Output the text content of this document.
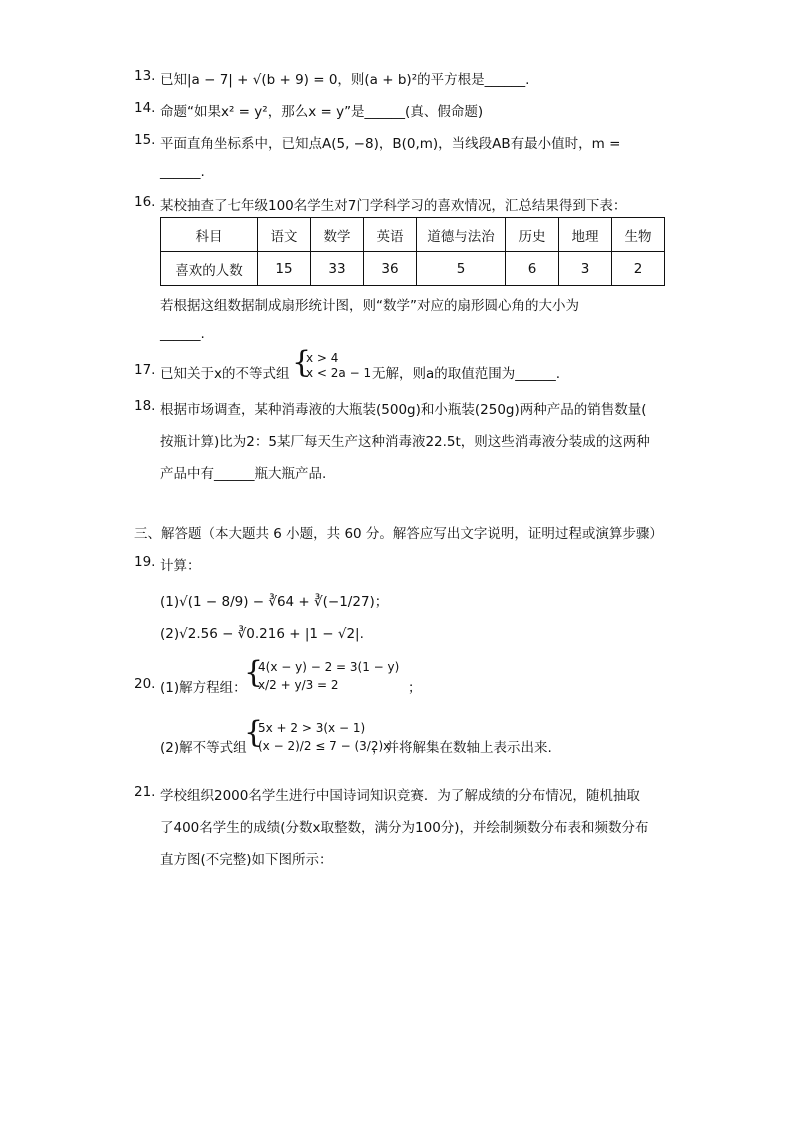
13. 已知|a − 7| + √(b + 9) = 0，则(a + b)²的平方根是______.
14. 命题“如果x² = y²，那么x = y”是______(真、假命题)
15. 平面直角坐标系中，已知点A(5, −8)，B(0,m)，当线段AB有最小值时，m =
______.
16. 某校抽查了七年级100名学生对7门学科学习的喜欢情况，汇总结果得到下表：
科目	语文	数学	英语	道德与法治	历史	地理	生物
喜欢的人数	15	33	36	5	6	3	2
若根据这组数据制成扇形统计图，则“数学”对应的扇形圆心角的大小为
______.
17. 已知关于x的不等式组 {
x > 4
x < 2a − 1 无解，则a的取值范围为______.
18. 根据市场调查，某种消毒液的大瓶装(500g)和小瓶装(250g)两种产品的销售数量(
按瓶计算)比为2：5某厂每天生产这种消毒液22.5t，则这些消毒液分装成的这两种
产品中有______瓶大瓶产品.
三、解答题（本大题共 6 小题，共 60 分。解答应写出文字说明，证明过程或演算步骤）
19. 计算：
(1)√(1 − 8/9) − ∛64 + ∛(−1/27)；
(2)√2.56 − ∛0.216 + |1 − √2|.
20. (1)解方程组：
{
4(x − y) − 2 = 3(1 − y)
x/2 + y/3 = 2	；
(2)解不等式组
{
5x + 2 > 3(x − 1)
(x − 2)/2 ≤ 7 − (3/2)x
，并将解集在数轴上表示出来.
21. 学校组织2000名学生进行中国诗词知识竞赛．为了解成绩的分布情况，随机抽取
了400名学生的成绩(分数x取整数，满分为100分)，并绘制频数分布表和频数分布
直方图(不完整)如下图所示：
